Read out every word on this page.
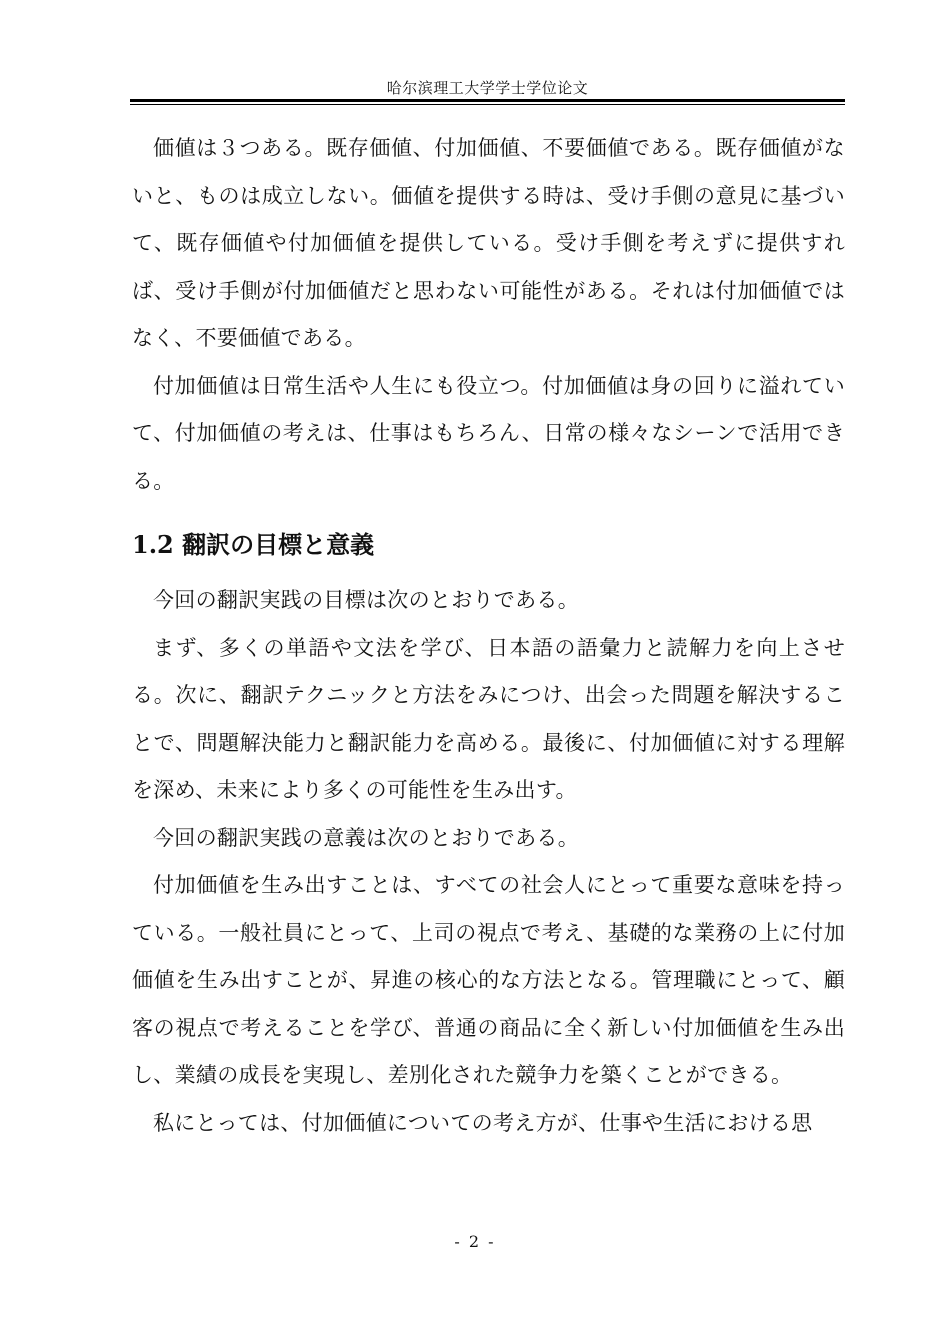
哈尔滨理工大学学士学位论文

価値は３つある。既存価値、付加価値、不要価値である。既存価値がないと、ものは成立しない。価値を提供する時は、受け手側の意見に基づいて、既存価値や付加価値を提供している。受け手側を考えずに提供すれば、受け手側が付加価値だと思わない可能性がある。それは付加価値ではなく、不要価値である。

付加価値は日常生活や人生にも役立つ。付加価値は身の回りに溢れていて、付加価値の考えは、仕事はもちろん、日常の様々なシーンで活用できる。

1.2 翻訳の目標と意義

今回の翻訳実践の目標は次のとおりである。

まず、多くの単語や文法を学び、日本語の語彙力と読解力を向上させる。次に、翻訳テクニックと方法をみにつけ、出会った問題を解決することで、問題解決能力と翻訳能力を高める。最後に、付加価値に対する理解を深め、未来により多くの可能性を生み出す。

今回の翻訳実践の意義は次のとおりである。

付加価値を生み出すことは、すべての社会人にとって重要な意味を持っている。一般社員にとって、上司の視点で考え、基礎的な業務の上に付加価値を生み出すことが、昇進の核心的な方法となる。管理職にとって、顧客の視点で考えることを学び、普通の商品に全く新しい付加価値を生み出し、業績の成長を実現し、差別化された競争力を築くことができる。

私にとっては、付加価値についての考え方が、仕事や生活における思

- 2 -
